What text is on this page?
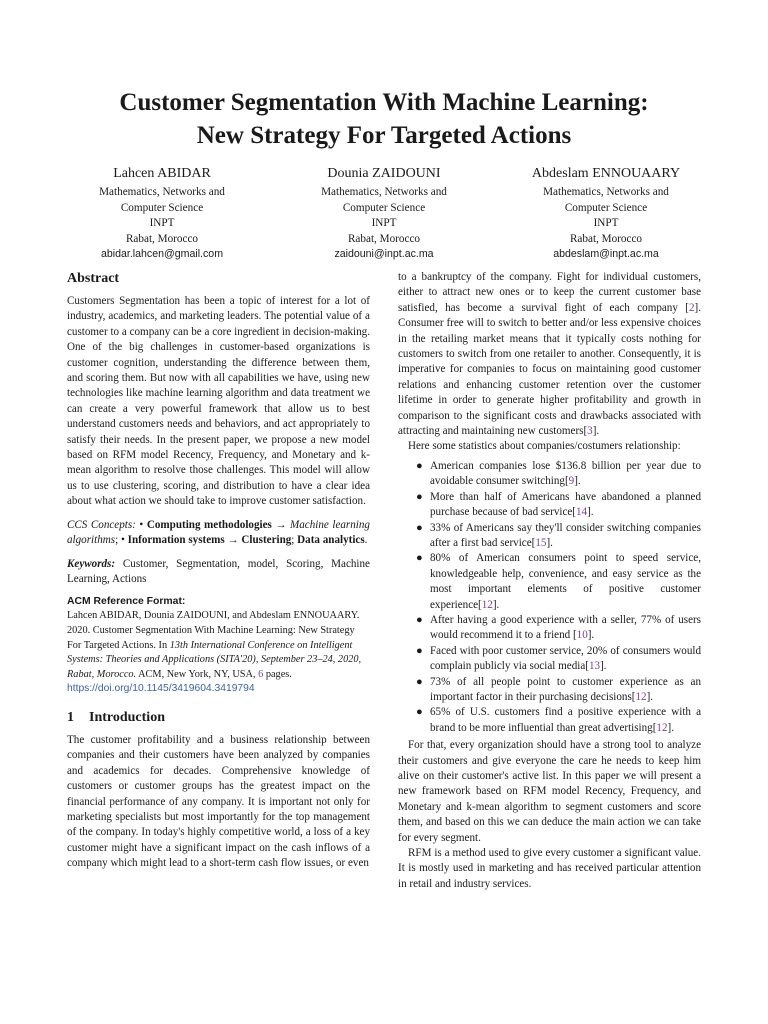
Customer Segmentation With Machine Learning:
New Strategy For Targeted Actions
Lahcen ABIDAR
Mathematics, Networks and
Computer Science
INPT
Rabat, Morocco
abidar.lahcen@gmail.com
Dounia ZAIDOUNI
Mathematics, Networks and
Computer Science
INPT
Rabat, Morocco
zaidouni@inpt.ac.ma
Abdeslam ENNOUAARY
Mathematics, Networks and
Computer Science
INPT
Rabat, Morocco
abdeslam@inpt.ac.ma
Abstract

Customers Segmentation has been a topic of interest for a lot of industry, academics, and marketing leaders. The potential value of a customer to a company can be a core ingredient in decision-making. One of the big challenges in customer-based organizations is customer cognition, understanding the difference between them, and scoring them. But now with all capabilities we have, using new technologies like machine learning algorithm and data treatment we can create a very powerful framework that allow us to best understand customers needs and behaviors, and act appropriately to satisfy their needs. In the present paper, we propose a new model based on RFM model Recency, Frequency, and Monetary and k-mean algorithm to resolve those challenges. This model will allow us to use clustering, scoring, and distribution to have a clear idea about what action we should take to improve customer satisfaction.

CCS Concepts: • Computing methodologies → Machine learning algorithms; • Information systems → Clustering; Data analytics.

Keywords: Customer, Segmentation, model, Scoring, Machine Learning, Actions

ACM Reference Format:

Lahcen ABIDAR, Dounia ZAIDOUNI, and Abdeslam ENNOUAARY. 2020. Customer Segmentation With Machine Learning: New Strategy For Targeted Actions. In 13th International Conference on Intelligent Systems: Theories and Applications (SITA'20), September 23–24, 2020, Rabat, Morocco. ACM, New York, NY, USA, 6 pages.
https://doi.org/10.1145/3419604.3419794

1 Introduction

The customer profitability and a business relationship between companies and their customers have been analyzed by companies and academics for decades. Comprehensive knowledge of customers or customer groups has the greatest impact on the financial performance of any company. It is important not only for marketing specialists but most importantly for the top management of the company. In today's highly competitive world, a loss of a key customer might have a significant impact on the cash inflows of a company which might lead to a short-term cash flow issues, or even

to a bankruptcy of the company. Fight for individual customers, either to attract new ones or to keep the current customer base satisfied, has become a survival fight of each company [2]. Consumer free will to switch to better and/or less expensive choices in the retailing market means that it typically costs nothing for customers to switch from one retailer to another. Consequently, it is imperative for companies to focus on maintaining good customer relations and enhancing customer retention over the customer lifetime in order to generate higher profitability and growth in comparison to the significant costs and drawbacks associated with attracting and maintaining new customers[3].

Here some statistics about companies/costumers relationship:

● American companies lose $136.8 billion per year due to avoidable consumer switching[9].
● More than half of Americans have abandoned a planned purchase because of bad service[14].
● 33% of Americans say they'll consider switching companies after a first bad service[15].
● 80% of American consumers point to speed service, knowledgeable help, convenience, and easy service as the most important elements of positive customer experience[12].
● After having a good experience with a seller, 77% of users would recommend it to a friend [10].
● Faced with poor customer service, 20% of consumers would complain publicly via social media[13].
● 73% of all people point to customer experience as an important factor in their purchasing decisions[12].
● 65% of U.S. customers find a positive experience with a brand to be more influential than great advertising[12].

For that, every organization should have a strong tool to analyze their customers and give everyone the care he needs to keep him alive on their customer's active list. In this paper we will present a new framework based on RFM model Recency, Frequency, and Monetary and k-mean algorithm to segment customers and score them, and based on this we can deduce the main action we can take for every segment.

RFM is a method used to give every customer a significant value. It is mostly used in marketing and has received particular attention in retail and industry services.
